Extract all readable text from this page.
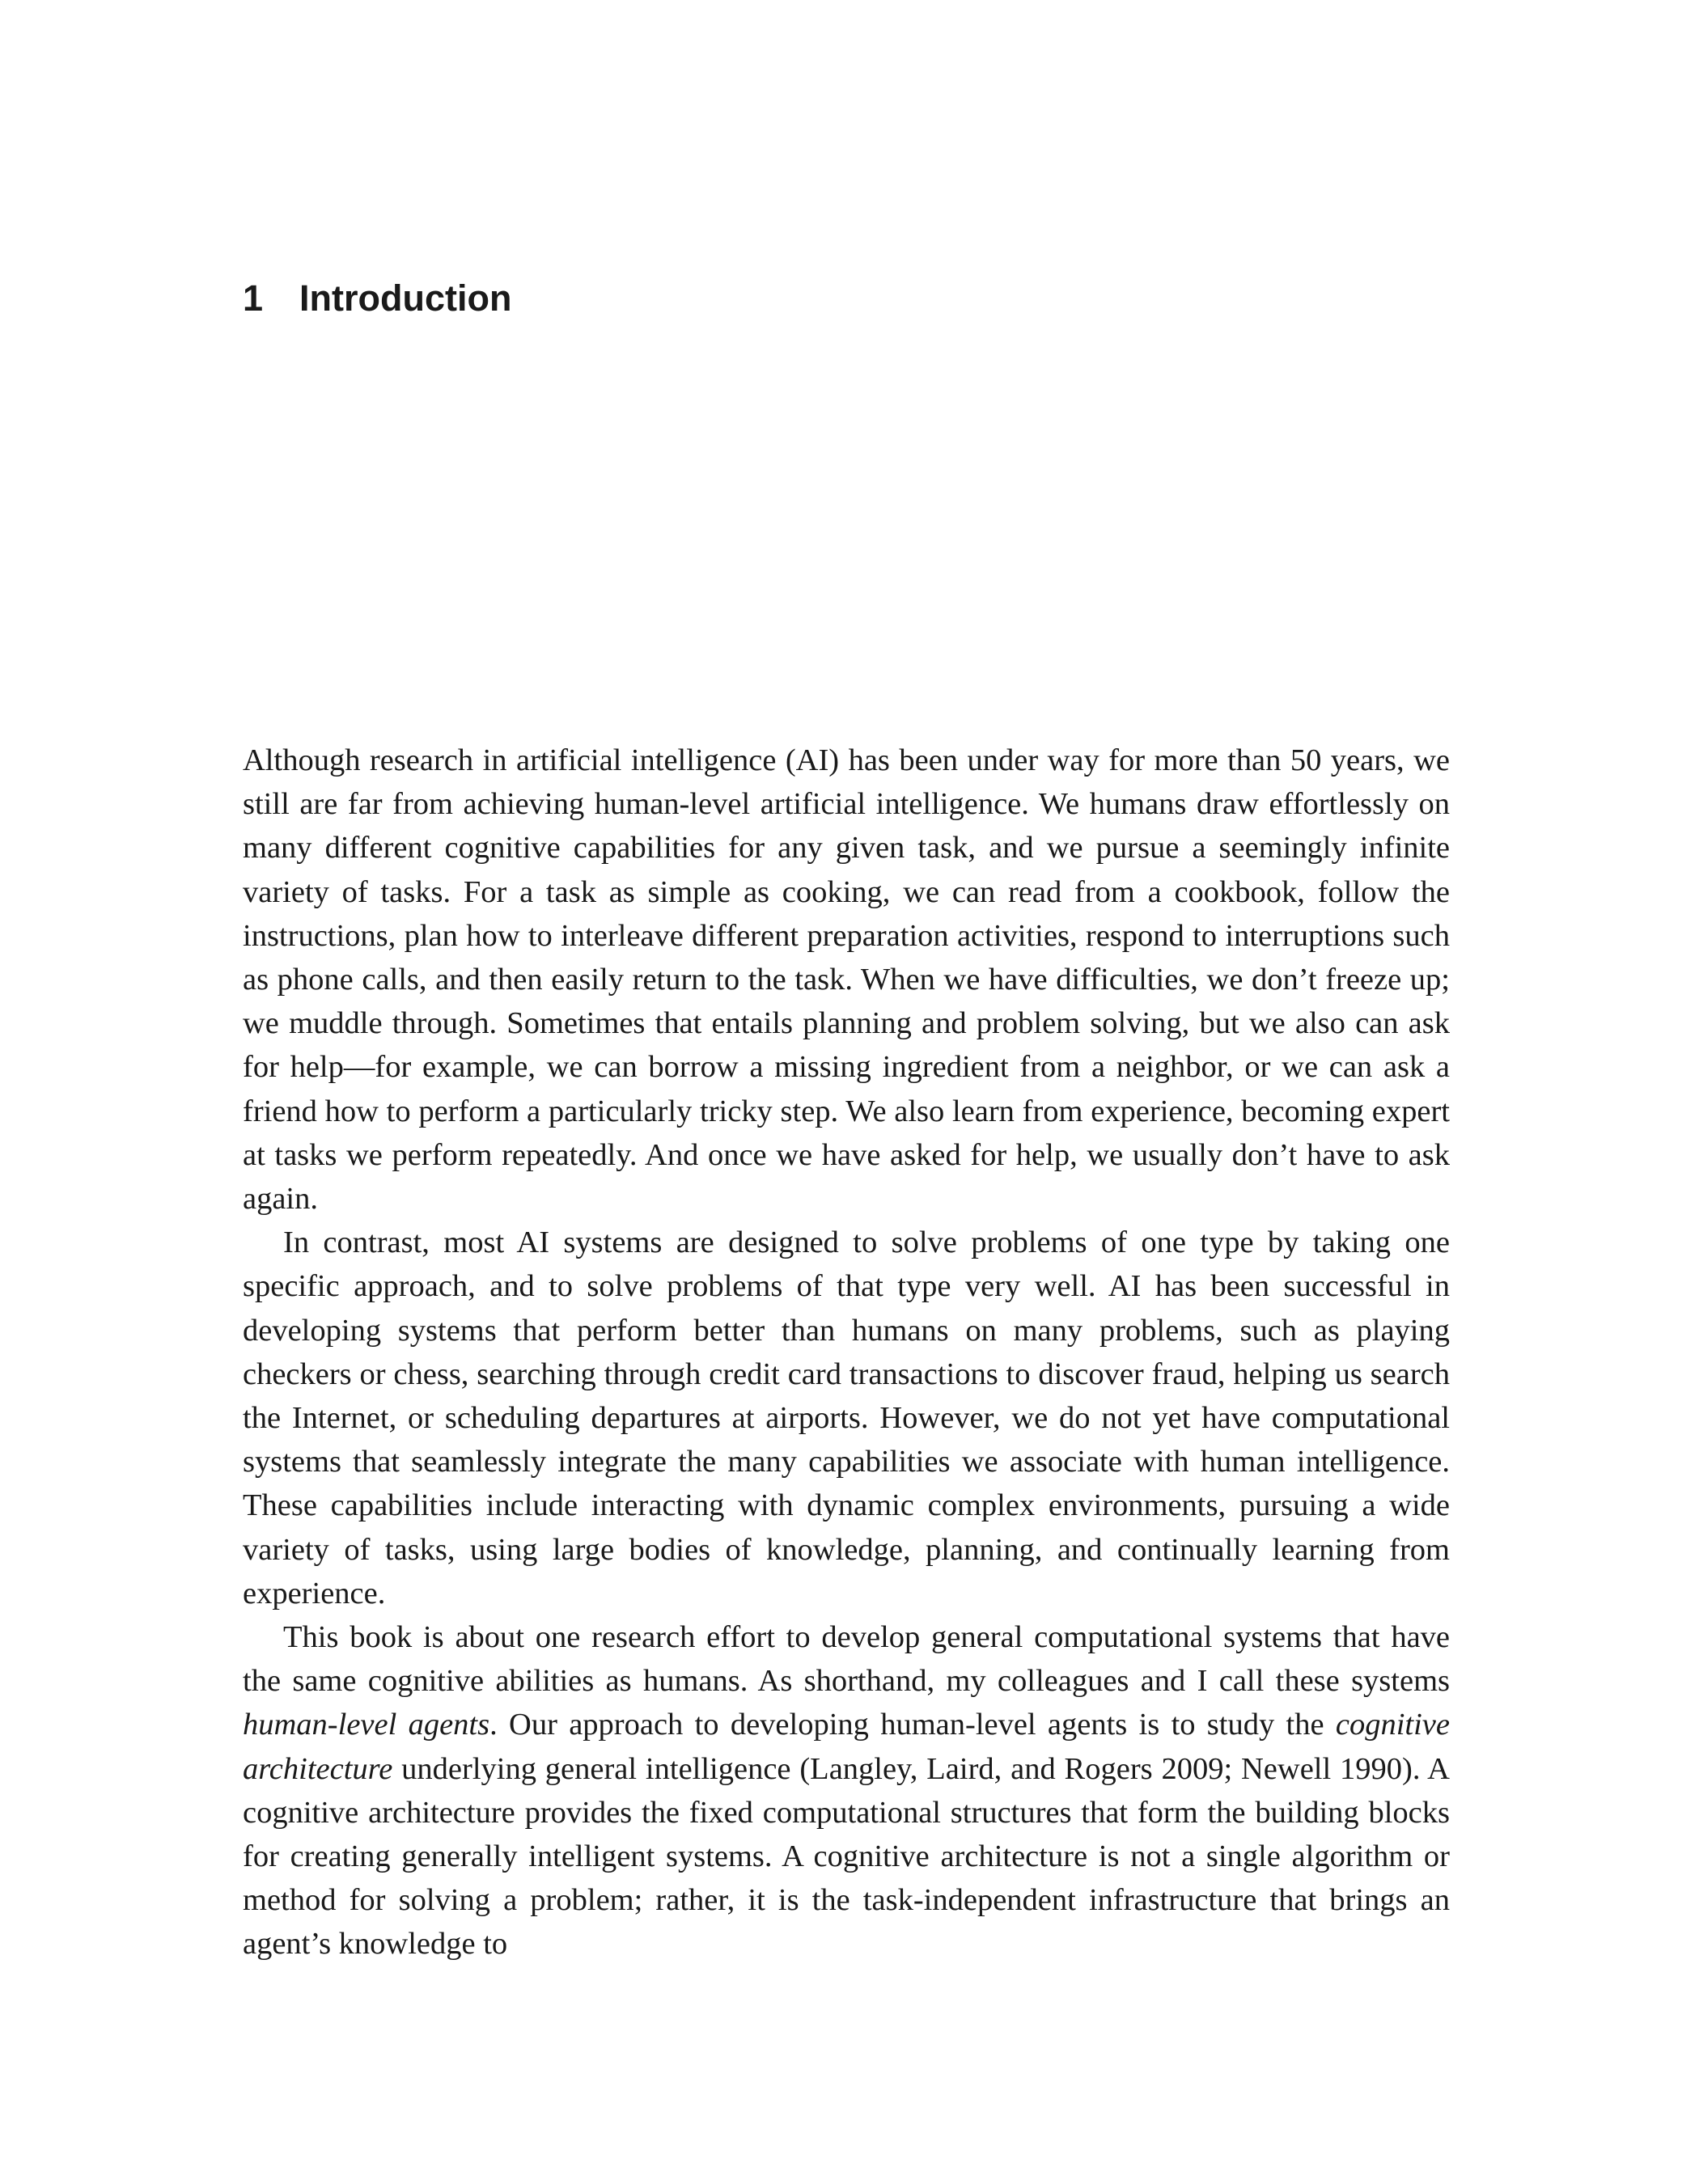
1 Introduction

Although research in artificial intelligence (AI) has been under way for more than 50 years, we still are far from achieving human-level artificial intelligence. We humans draw effortlessly on many different cognitive capabilities for any given task, and we pursue a seemingly infinite variety of tasks. For a task as simple as cooking, we can read from a cookbook, follow the instructions, plan how to interleave different preparation activities, respond to interruptions such as phone calls, and then easily return to the task. When we have difficulties, we don’t freeze up; we muddle through. Sometimes that entails planning and problem solving, but we also can ask for help—for example, we can borrow a missing ingredient from a neighbor, or we can ask a friend how to perform a particularly tricky step. We also learn from experience, becoming expert at tasks we perform repeatedly. And once we have asked for help, we usually don’t have to ask again.

In contrast, most AI systems are designed to solve problems of one type by taking one specific approach, and to solve problems of that type very well. AI has been successful in developing systems that perform better than humans on many problems, such as playing checkers or chess, searching through credit card transactions to discover fraud, helping us search the Internet, or scheduling departures at airports. However, we do not yet have computational systems that seamlessly integrate the many capabilities we associate with human intelligence. These capabilities include interacting with dynamic complex environments, pursuing a wide variety of tasks, using large bodies of knowledge, planning, and continually learning from experience.

This book is about one research effort to develop general computational systems that have the same cognitive abilities as humans. As shorthand, my colleagues and I call these systems human-level agents. Our approach to developing human-level agents is to study the cognitive architecture underlying general intelligence (Langley, Laird, and Rogers 2009; Newell 1990). A cognitive architecture provides the fixed computational structures that form the building blocks for creating generally intelligent systems. A cognitive architecture is not a single algorithm or method for solving a problem; rather, it is the task-independent infrastructure that brings an agent’s knowledge to
